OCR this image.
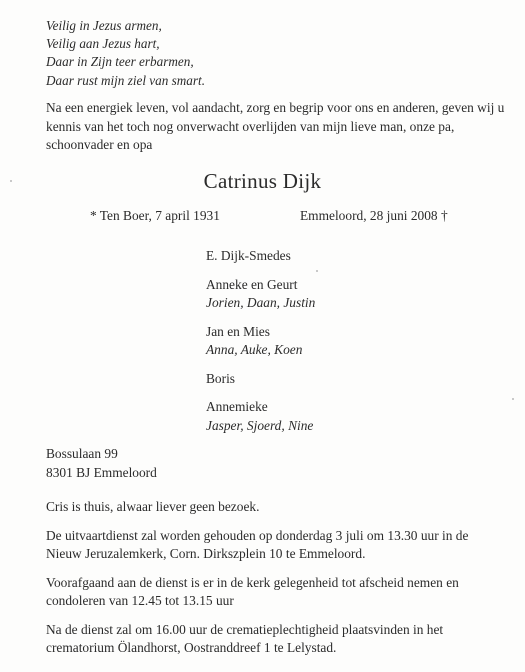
Veilig in Jezus armen,
Veilig aan Jezus hart,
Daar in Zijn teer erbarmen,
Daar rust mijn ziel van smart.
Na een energiek leven, vol aandacht, zorg en begrip voor ons en anderen, geven wij u kennis van het toch nog onverwacht overlijden van mijn lieve man, onze pa, schoonvader en opa
Catrinus Dijk
* Ten Boer, 7 april 1931	Emmeloord, 28 juni 2008 †
E. Dijk-Smedes
Anneke en Geurt
Jorien, Daan, Justin
Jan en Mies
Anna, Auke, Koen
Boris
Annemieke
Jasper, Sjoerd, Nine
Bossulaan 99
8301 BJ Emmeloord
Cris is thuis, alwaar liever geen bezoek.
De uitvaartdienst zal worden gehouden op donderdag 3 juli om 13.30 uur in de Nieuw Jeruzalemkerk, Corn. Dirkszplein 10 te Emmeloord.
Voorafgaand aan de dienst is er in de kerk gelegenheid tot afscheid nemen en condoleren van 12.45 tot 13.15 uur
Na de dienst zal om 16.00 uur de crematieplechtigheid plaatsvinden in het crematorium Ölandhorst, Oostranddreef 1 te Lelystad.
